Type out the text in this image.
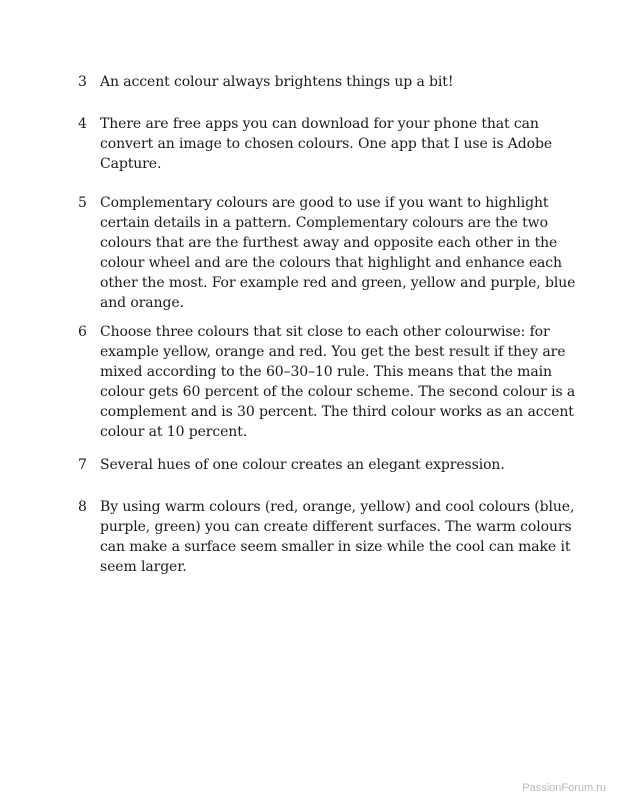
3 An accent colour always brightens things up a bit!
4 There are free apps you can download for your phone that can convert an image to chosen colours. One app that I use is Adobe Capture.
5 Complementary colours are good to use if you want to highlight certain details in a pattern. Complementary colours are the two colours that are the furthest away and opposite each other in the colour wheel and are the colours that highlight and enhance each other the most. For example red and green, yellow and purple, blue and orange.
6 Choose three colours that sit close to each other colourwise: for example yellow, orange and red. You get the best result if they are mixed according to the 60–30–10 rule. This means that the main colour gets 60 percent of the colour scheme. The second colour is a complement and is 30 percent. The third colour works as an accent colour at 10 percent.
7 Several hues of one colour creates an elegant expression.
8 By using warm colours (red, orange, yellow) and cool colours (blue, purple, green) you can create different surfaces. The warm colours can make a surface seem smaller in size while the cool can make it seem larger.
PassionForum.ru
